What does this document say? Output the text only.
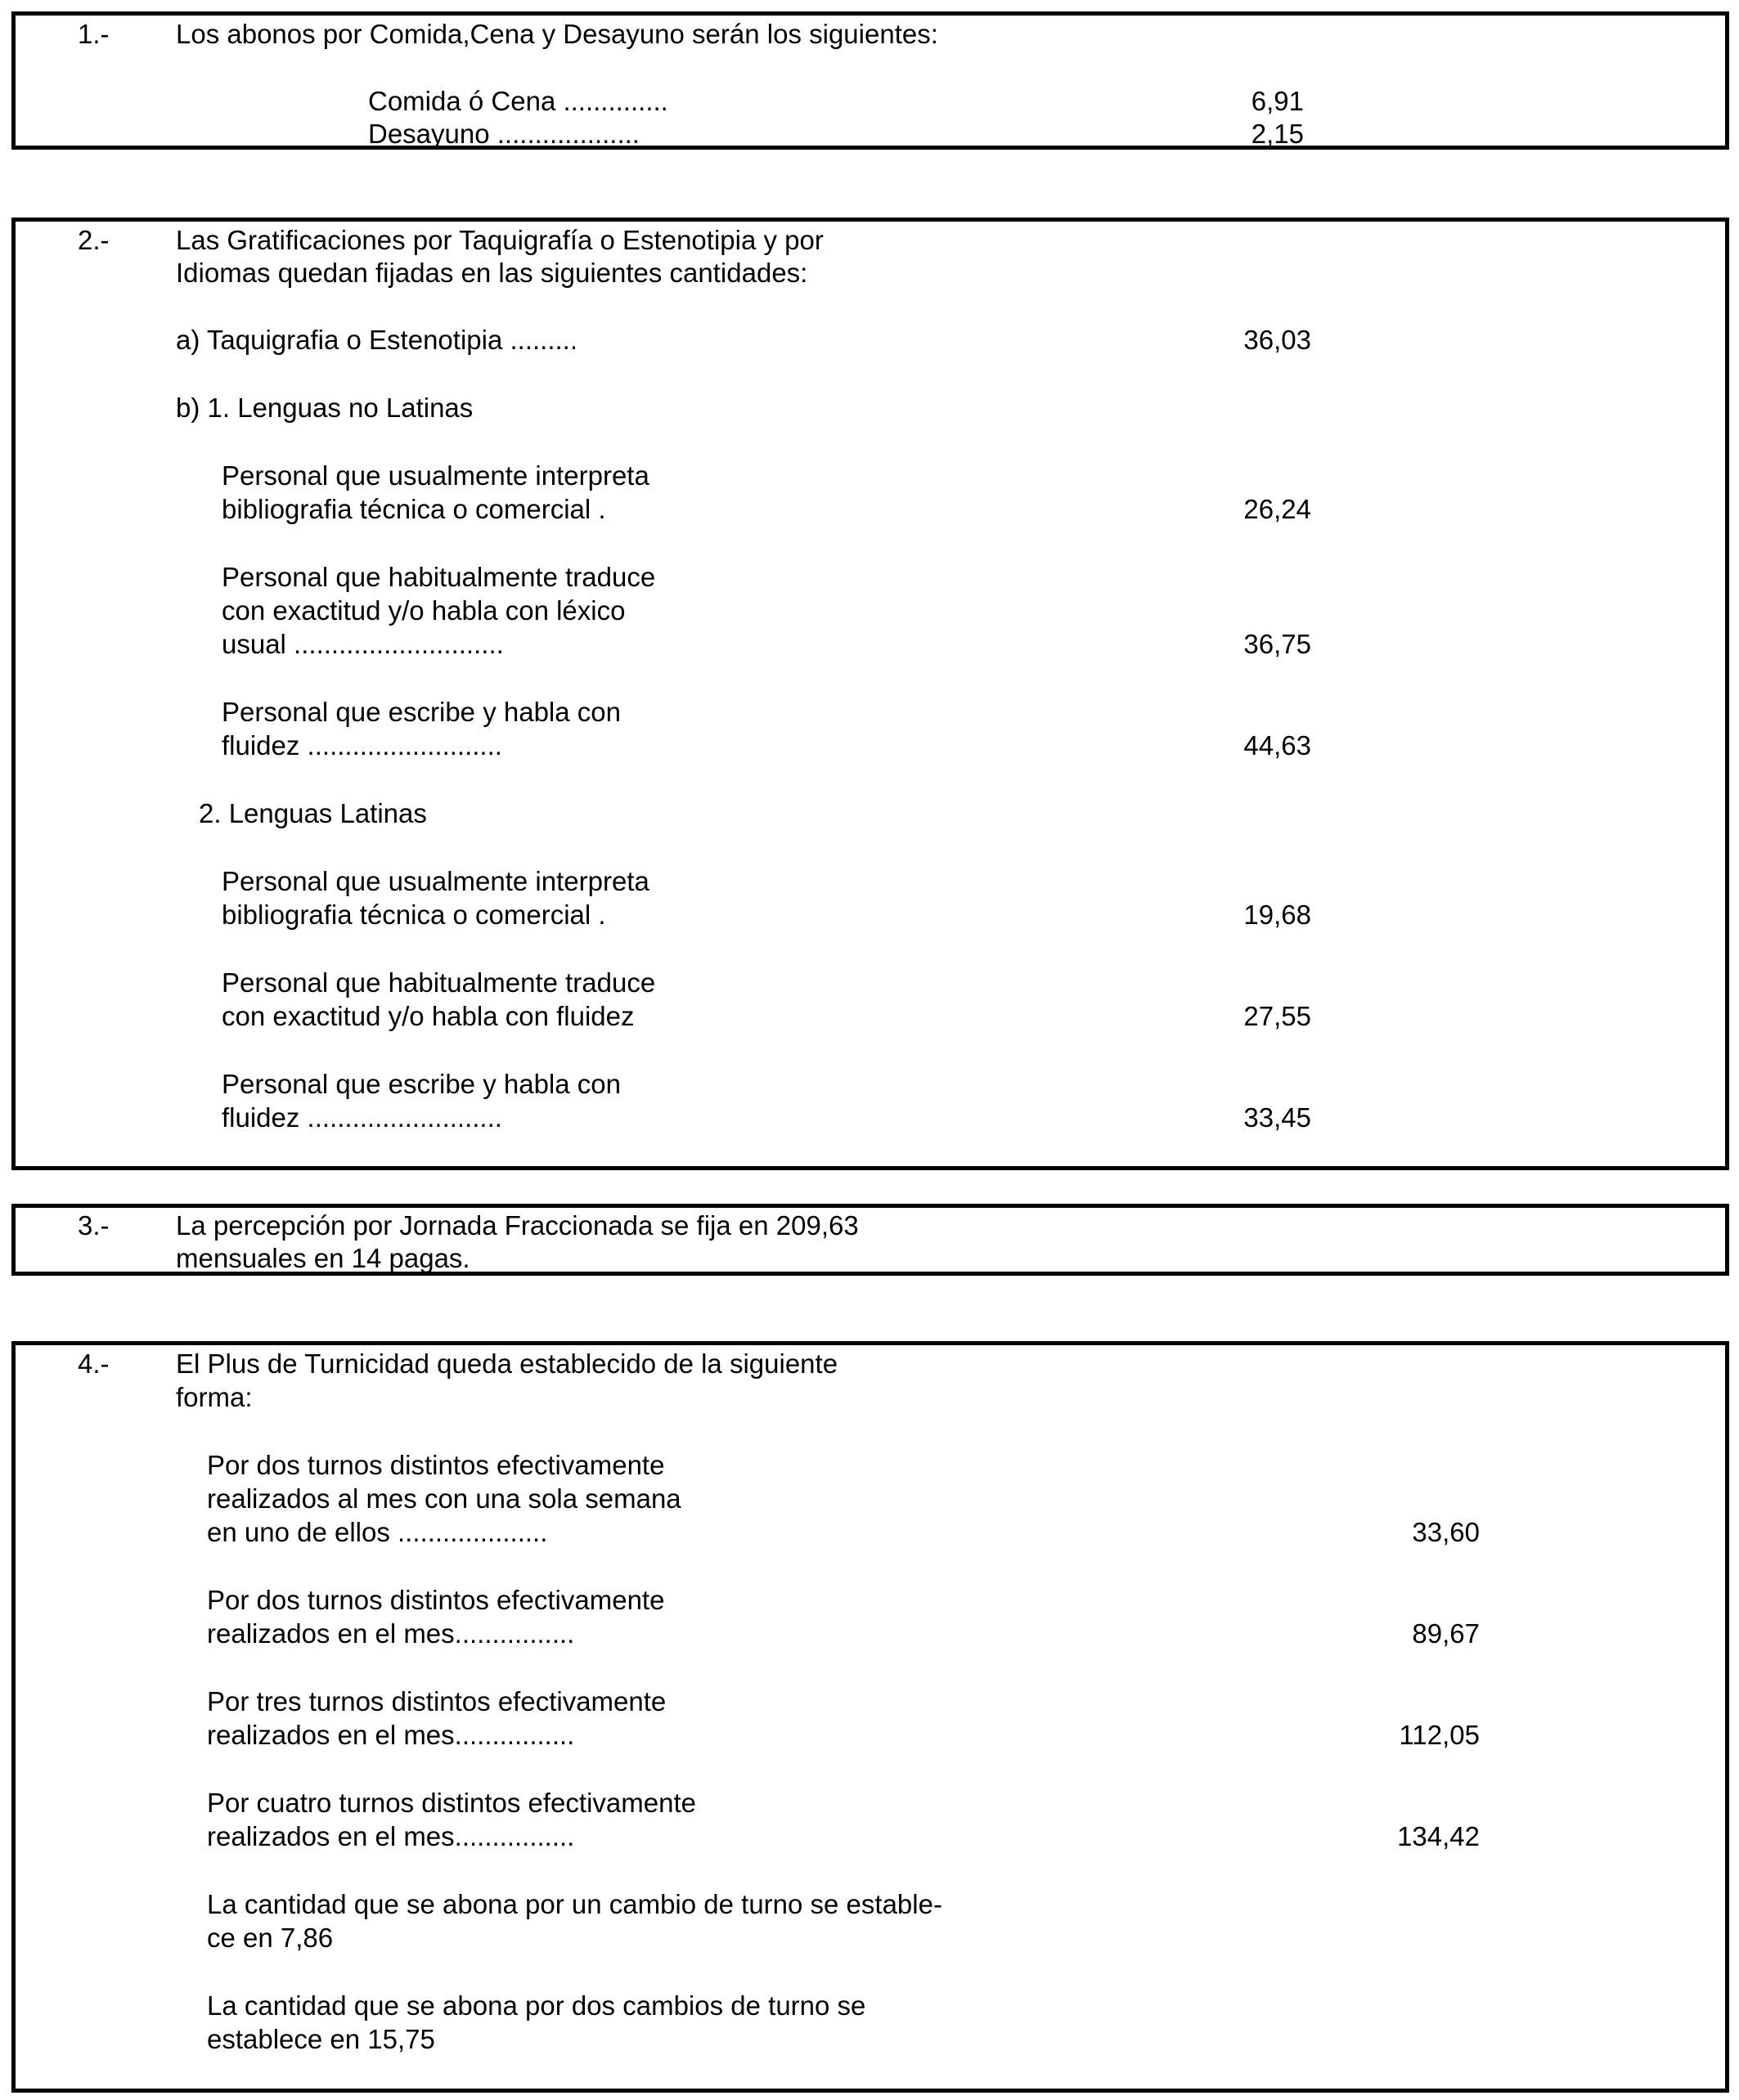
1.- Los abonos por Comida,Cena y Desayuno serán los siguientes:
Comida ó Cena ..............	6,91
Desayuno ...................	2,15
2.- Las Gratificaciones por Taquigrafía o Estenotipia y por
Idiomas quedan fijadas en las siguientes cantidades:
a) Taquigrafia o Estenotipia .........	36,03
b) 1. Lenguas no Latinas
Personal que usualmente interpreta
bibliografia técnica o comercial .	26,24
Personal que habitualmente traduce
con exactitud y/o habla con léxico
usual ............................	36,75
Personal que escribe y habla con
fluidez ..........................	44,63
2. Lenguas Latinas
Personal que usualmente interpreta
bibliografia técnica o comercial .	19,68
Personal que habitualmente traduce
con exactitud y/o habla con fluidez	27,55
Personal que escribe y habla con
fluidez ..........................	33,45
3.- La percepción por Jornada Fraccionada se fija en 209,63
mensuales en 14 pagas.
4.- El Plus de Turnicidad queda establecido de la siguiente
forma:
Por dos turnos distintos efectivamente
realizados al mes con una sola semana
en uno de ellos ....................	33,60
Por dos turnos distintos efectivamente
realizados en el mes................	89,67
Por tres turnos distintos efectivamente
realizados en el mes................	112,05
Por cuatro turnos distintos efectivamente
realizados en el mes................	134,42
La cantidad que se abona por un cambio de turno se estable-
ce en 7,86
La cantidad que se abona por dos cambios de turno se
establece en 15,75
